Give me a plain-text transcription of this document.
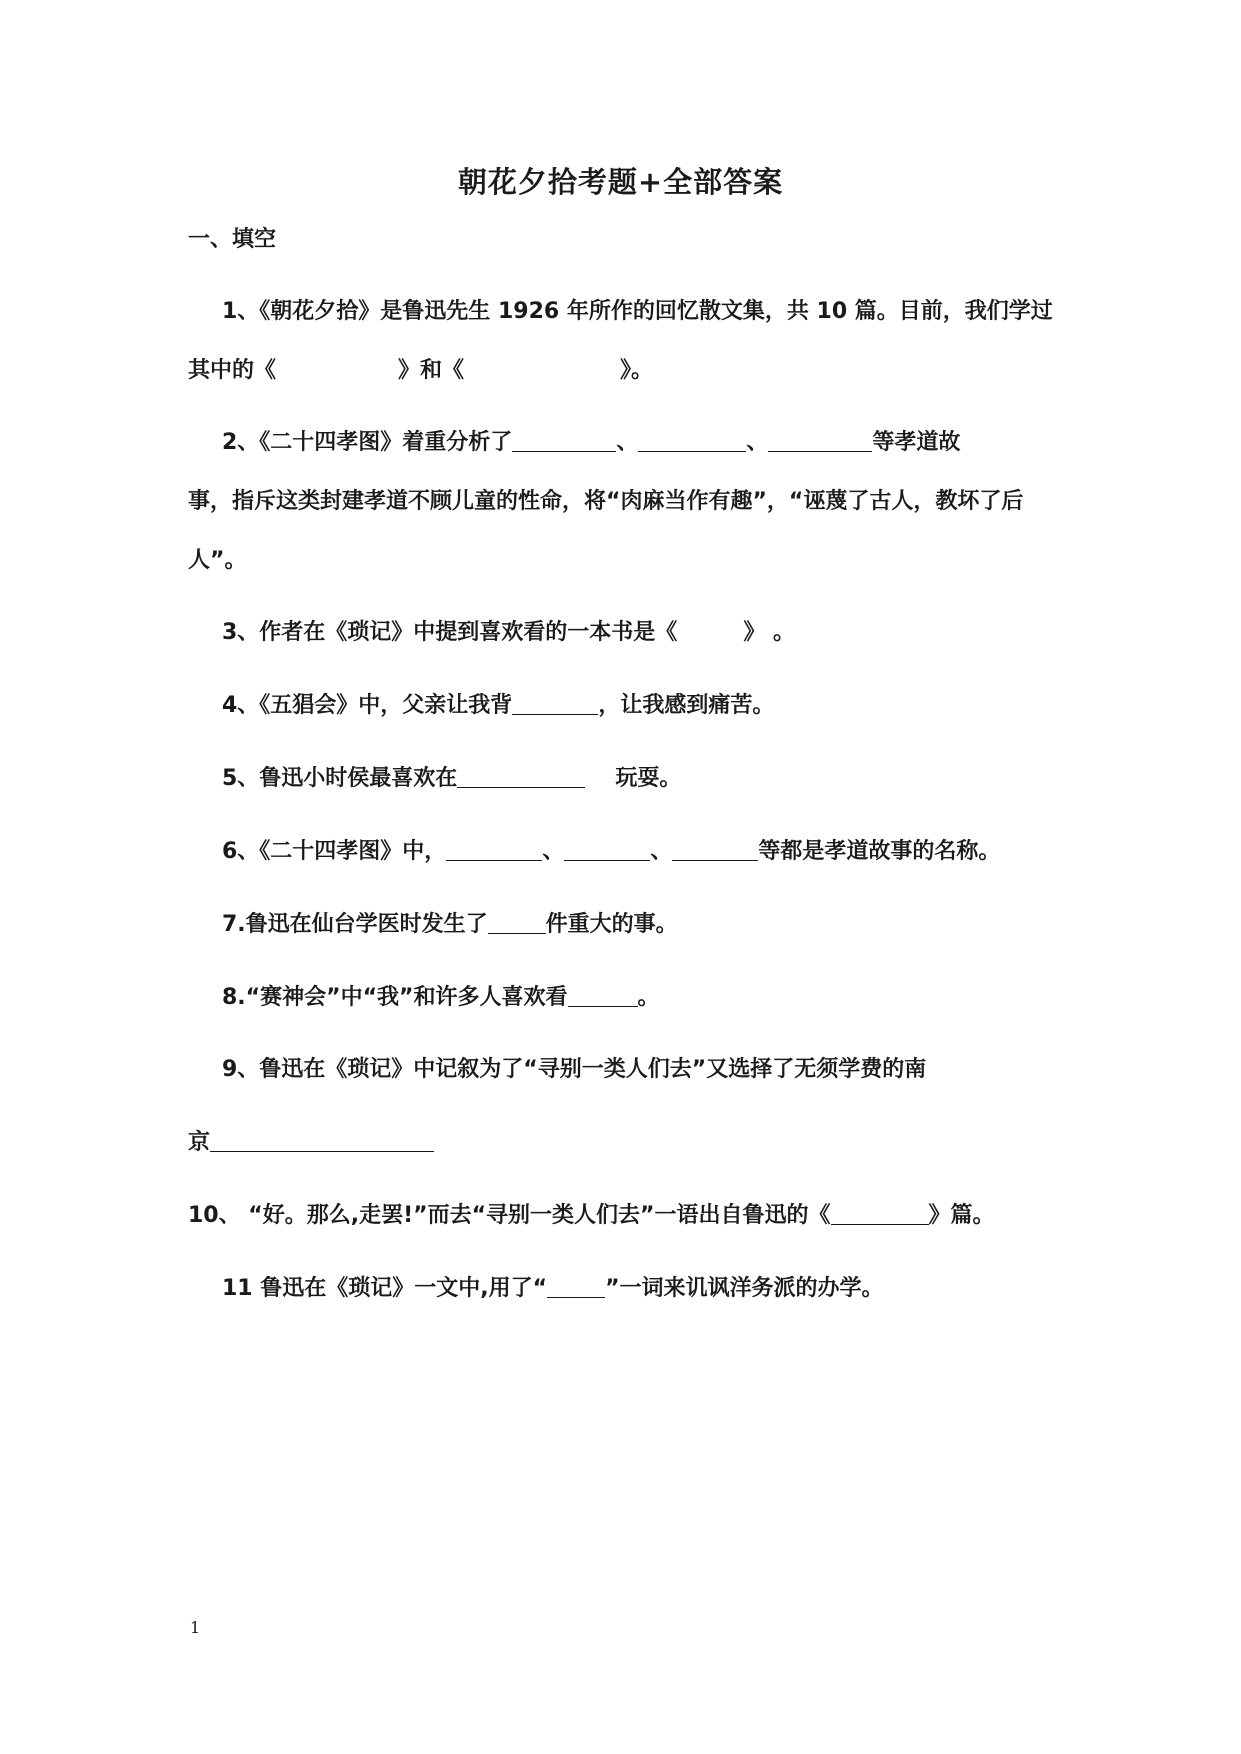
朝花夕拾考题+全部答案
一、填空
1、《朝花夕拾》是鲁迅先生 1926 年所作的回忆散文集，共 10 篇。目前，我们学过
其中的《	》和《	》。
2、《二十四孝图》着重分析了	、	、	等孝道故
事，指斥这类封建孝道不顾儿童的性命，将“肉麻当作有趣”，“诬蔑了古人，教坏了后
人”。
3、作者在《琐记》中提到喜欢看的一本书是《	》 。
4、《五猖会》中，父亲让我背	，让我感到痛苦。
5、鲁迅小时侯最喜欢在	玩耍。
6、《二十四孝图》中，	、	、	等都是孝道故事的名称。
7.鲁迅在仙台学医时发生了	件重大的事。
8.“赛神会”中“我”和许多人喜欢看	。
9、鲁迅在《琐记》中记叙为了“寻别一类人们去”又选择了无须学费的南
京
10、 “好。那么,走罢!”而去“寻别一类人们去”一语出自鲁迅的《	》篇。
11 鲁迅在《琐记》一文中,用了“	”一词来讥讽洋务派的办学。
1
